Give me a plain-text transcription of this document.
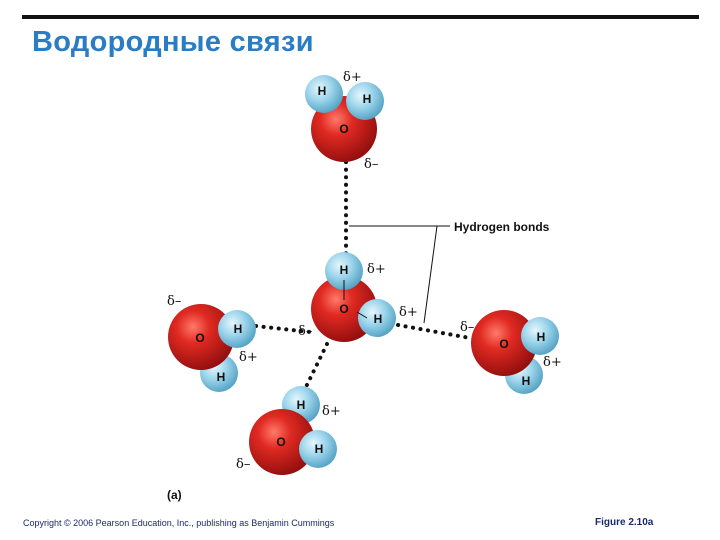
Водородные связи
O
H
H
δ+
δ–
O
H
H
δ+
δ+
δ–
O
H
H
δ–
δ+
O H
H
δ–
δ+
O
H
H
δ+
δ–
Hydrogen bonds
(a)
Copyright © 2006 Pearson Education, Inc., publishing as Benjamin Cummings	Figure 2.10a
